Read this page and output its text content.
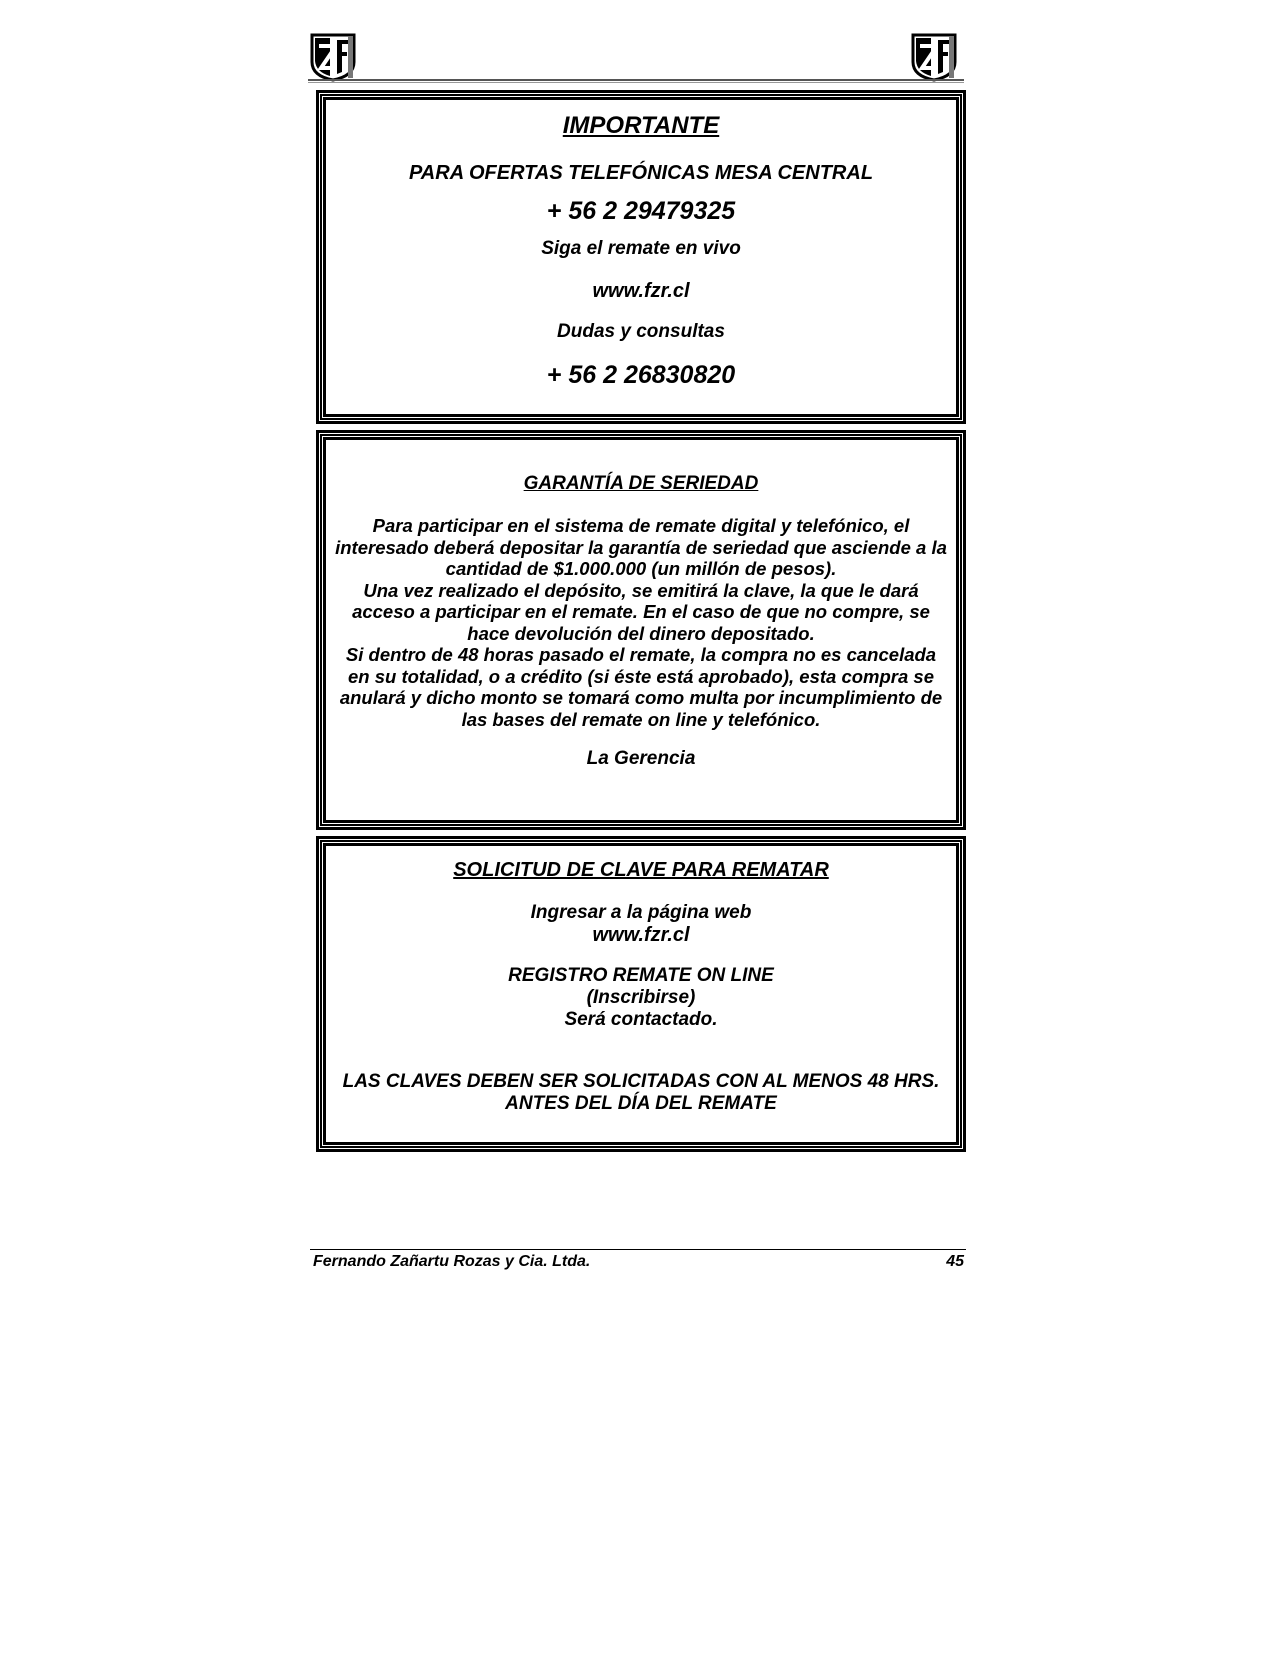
IMPORTANTE
PARA OFERTAS TELEFÓNICAS MESA CENTRAL
+ 56 2 29479325
Siga el remate en vivo
www.fzr.cl
Dudas y consultas
+ 56 2 26830820
GARANTÍA DE SERIEDAD
Para participar en el sistema de remate digital y telefónico, el
interesado deberá depositar la garantía de seriedad que asciende a la
cantidad de $1.000.000 (un millón de pesos).
Una vez realizado el depósito, se emitirá la clave, la que le dará
acceso a participar en el remate. En el caso de que no compre, se
hace devolución del dinero depositado.
Si dentro de 48 horas pasado el remate, la compra no es cancelada
en su totalidad, o a crédito (si éste está aprobado), esta compra se
anulará y dicho monto se tomará como multa por incumplimiento de
las bases del remate on line y telefónico.
La Gerencia
SOLICITUD DE CLAVE PARA REMATAR
Ingresar a la página web
www.fzr.cl
REGISTRO REMATE ON LINE
(Inscribirse)
Será contactado.
LAS CLAVES DEBEN SER SOLICITADAS CON AL MENOS 48 HRS.
ANTES DEL DÍA DEL REMATE
Fernando Zañartu Rozas y Cia. Ltda.	45
